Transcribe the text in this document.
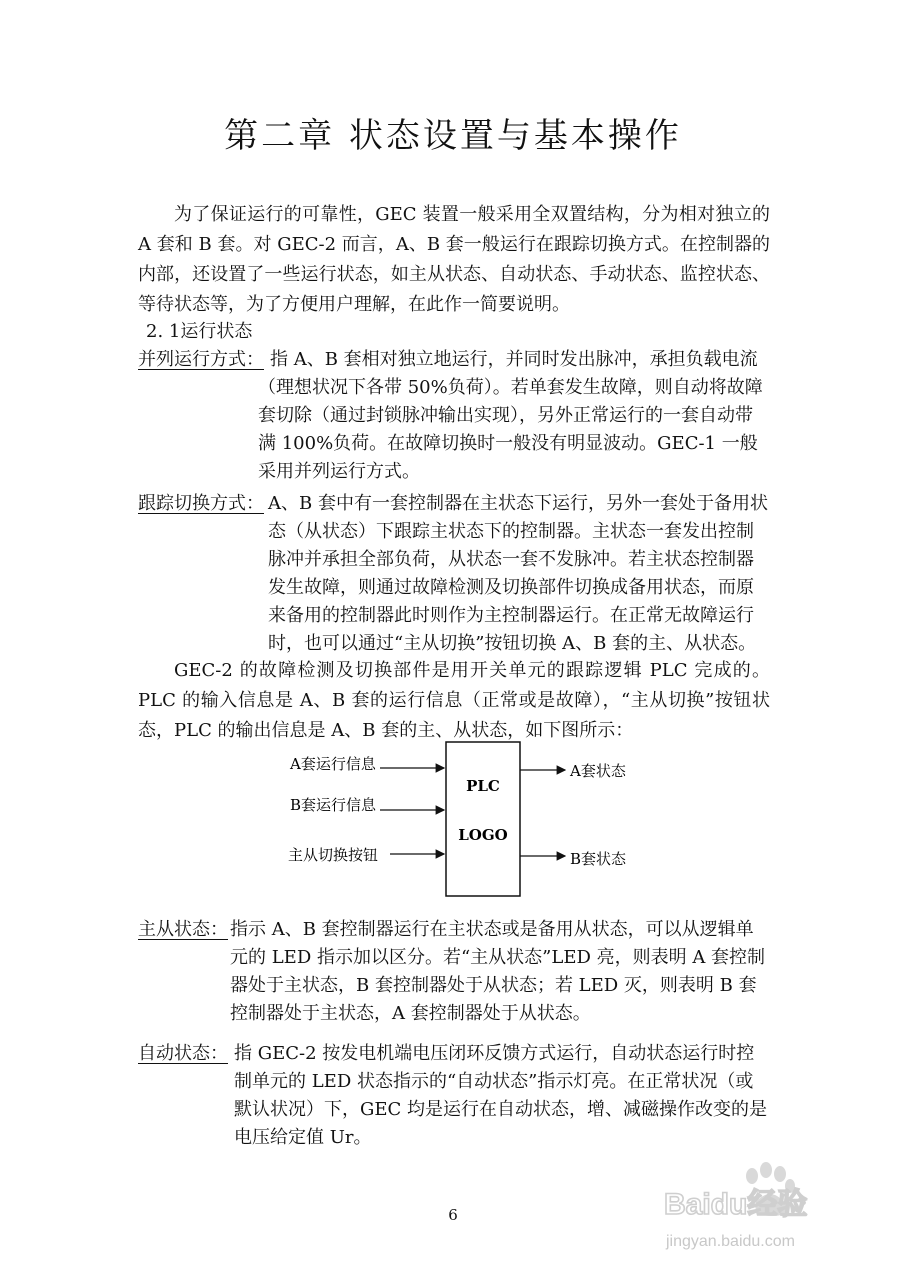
第二章 状态设置与基本操作

为了保证运行的可靠性，GEC 装置一般采用全双置结构，分为相对独立的 A 套和 B 套。对 GEC-2 而言，A、B 套一般运行在跟踪切换方式。在控制器的内部，还设置了一些运行状态，如主从状态、自动状态、手动状态、监控状态、等待状态等，为了方便用户理解，在此作一简要说明。

2. 1运行状态

并列运行方式： 指 A、B 套相对独立地运行，并同时发出脉冲，承担负载电流（理想状况下各带 50%负荷）。若单套发生故障，则自动将故障套切除（通过封锁脉冲输出实现），另外正常运行的一套自动带满 100%负荷。在故障切换时一般没有明显波动。GEC-1 一般采用并列运行方式。
跟踪切换方式： A、B 套中有一套控制器在主状态下运行，另外一套处于备用状态（从状态）下跟踪主状态下的控制器。主状态一套发出控制脉冲并承担全部负荷，从状态一套不发脉冲。若主状态控制器发生故障，则通过故障检测及切换部件切换成备用状态，而原来备用的控制器此时则作为主控制器运行。在正常无故障运行时，也可以通过“主从切换”按钮切换 A、B 套的主、从状态。

GEC-2 的故障检测及切换部件是用开关单元的跟踪逻辑 PLC 完成的。PLC 的输入信息是 A、B 套的运行信息（正常或是故障），“主从切换”按钮状态，PLC 的输出信息是 A、B 套的主、从状态，如下图所示：

PLC
LOGO
A套运行信息
B套运行信息
主从切换按钮
A套状态
B套状态
主从状态： 指示 A、B 套控制器运行在主状态或是备用从状态，可以从逻辑单元的 LED 指示加以区分。若“主从状态”LED 亮，则表明 A 套控制器处于主状态，B 套控制器处于从状态；若 LED 灭，则表明 B 套控制器处于主状态，A 套控制器处于从状态。
自动状态： 指 GEC-2 按发电机端电压闭环反馈方式运行，自动状态运行时控制单元的 LED 状态指示的“自动状态”指示灯亮。在正常状况（或默认状况）下，GEC 均是运行在自动状态，增、减磁操作改变的是电压给定值 Ur。
6	Baidu经验
jingyan.baidu.com
